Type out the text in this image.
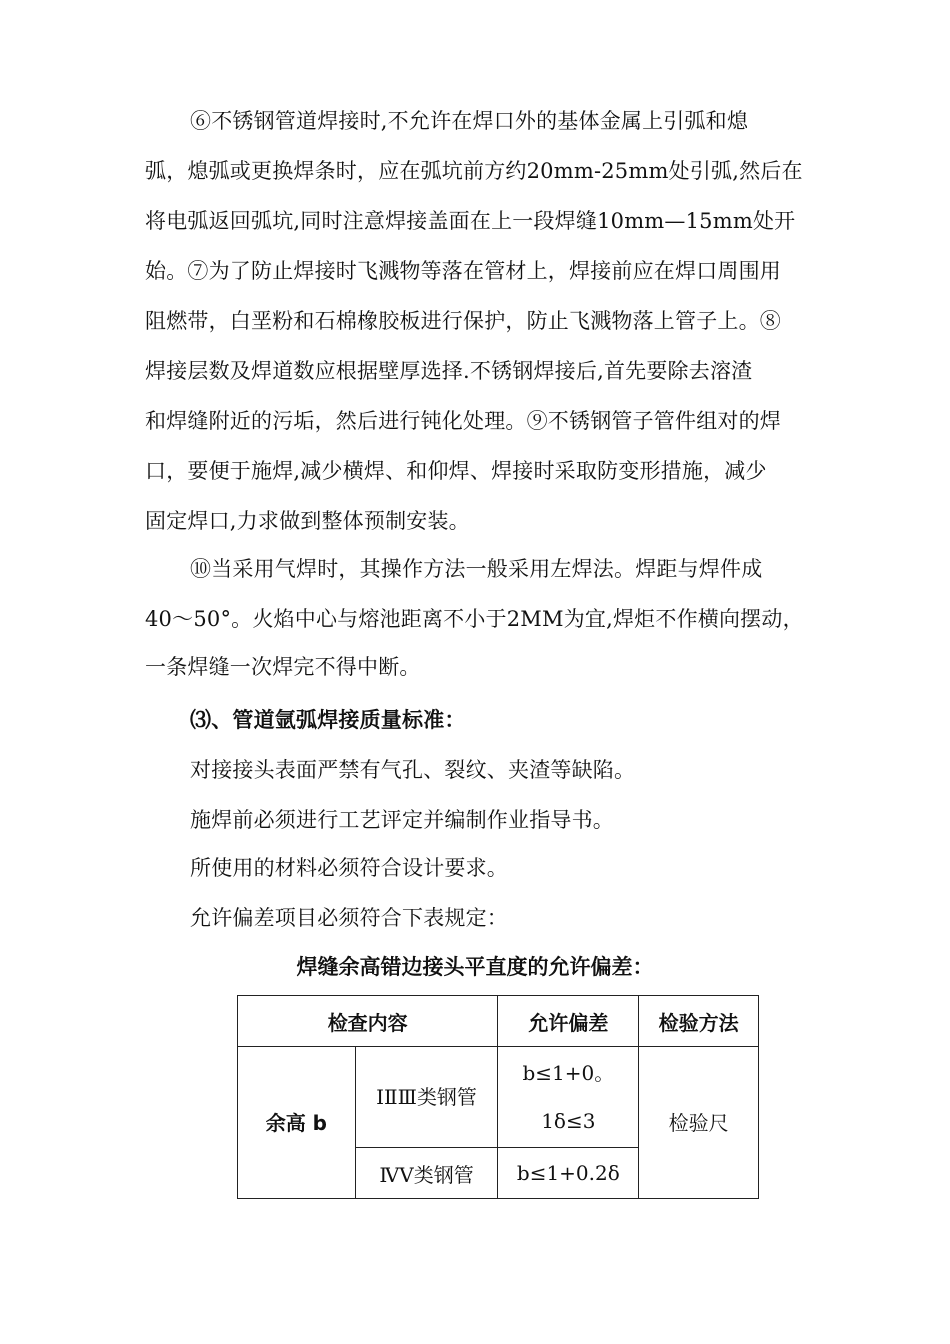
⑥不锈钢管道焊接时,不允许在焊口外的基体金属上引弧和熄
弧，熄弧或更换焊条时，应在弧坑前方约20mm-25mm处引弧,然后在
将电弧返回弧坑,同时注意焊接盖面在上一段焊缝10mm—15mm处开
始。⑦为了防止焊接时飞溅物等落在管材上，焊接前应在焊口周围用
阻燃带，白垩粉和石棉橡胶板进行保护，防止飞溅物落上管子上。⑧
焊接层数及焊道数应根据壁厚选择.不锈钢焊接后,首先要除去溶渣
和焊缝附近的污垢，然后进行钝化处理。⑨不锈钢管子管件组对的焊
口，要便于施焊,减少横焊、和仰焊、焊接时采取防变形措施，减少
固定焊口,力求做到整体预制安装。
⑩当采用气焊时，其操作方法一般采用左焊法。焊距与焊件成
40～50°。火焰中心与熔池距离不小于2MM为宜,焊炬不作横向摆动，
一条焊缝一次焊完不得中断。
⑶、管道氩弧焊接质量标准：
对接接头表面严禁有气孔、裂纹、夹渣等缺陷。
施焊前必须进行工艺评定并编制作业指导书。
所使用的材料必须符合设计要求。
允许偏差项目必须符合下表规定：
焊缝余高错边接头平直度的允许偏差：
检查内容		允许偏差	检验方法
余高 b	ⅠⅡⅢ类钢管	b≤1+0。1δ≤3	检验尺
	ⅣⅤ类钢管	b≤1+0.2δ	
